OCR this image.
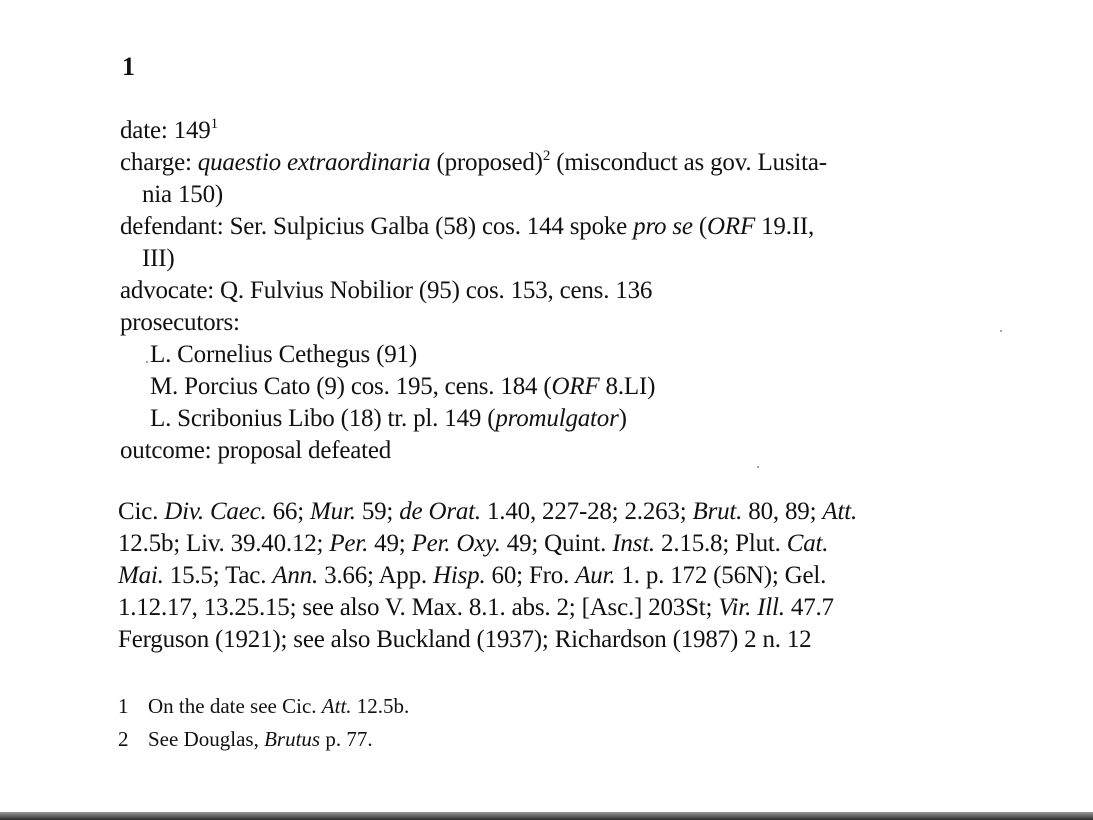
1
date: $149^1$
charge: quaestio extraordinaria (proposed)$^2$ (misconduct as gov. Lusita-
nia 150)
defendant: Ser. Sulpicius Galba (58) cos. 144 spoke pro se (ORF 19.II,
III)
advocate: Q. Fulvius Nobilior (95) cos. 153, cens. 136
prosecutors:
L. Cornelius Cethegus (91)
M. Porcius Cato (9) cos. 195, cens. 184 (ORF 8.LI)
L. Scribonius Libo (18) tr. pl. 149 (promulgator)
outcome: proposal defeated
Cic. Div. Caec. 66; Mur. 59; de Orat. 1.40, 227-28; 2.263; Brut. 80, 89; Att.
12.5b; Liv. 39.40.12; Per. 49; Per. Oxy. 49; Quint. Inst. 2.15.8; Plut. Cat.
Mai. 15.5; Tac. Ann. 3.66; App. Hisp. 60; Fro. Aur. 1. p. 172 (56N); Gel.
1.12.17, 13.25.15; see also V. Max. 8.1. abs. 2; [Asc.] 203St; Vir. Ill. 47.7
Ferguson (1921); see also Buckland (1937); Richardson (1987) 2 n. 12
1 On the date see Cic. Att. 12.5b.
2 See Douglas, Brutus p. 77.
